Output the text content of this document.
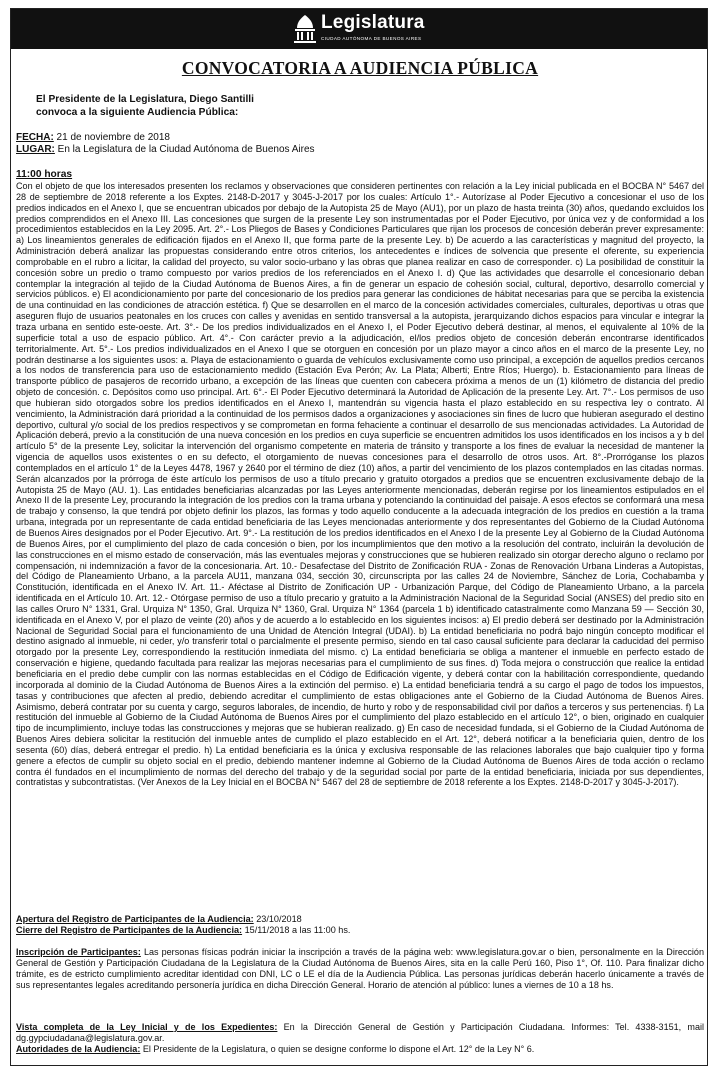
Legislatura
CIUDAD AUTÓNOMA DE BUENOS AIRES
CONVOCATORIA A AUDIENCIA PÚBLICA
El Presidente de la Legislatura, Diego Santilli
convoca a la siguiente Audiencia Pública:
FECHA: 21 de noviembre de 2018
LUGAR: En la Legislatura de la Ciudad Autónoma de Buenos Aires
11:00 horas

Con el objeto de que los interesados presenten los reclamos y observaciones que consideren pertinentes con relación a la Ley inicial publicada en el BOCBA N° 5467 del 28 de septiembre de 2018 referente a los Exptes. 2148-D-2017 y 3045-J-2017 por los cuales: Artículo 1°.- Autorízase al Poder Ejecutivo a concesionar el uso de los predios indicados en el Anexo I, que se encuentran ubicados por debajo de la Autopista 25 de Mayo (AU1), por un plazo de hasta treinta (30) años, quedando excluidos los predios comprendidos en el Anexo III. Las concesiones que surgen de la presente Ley son instrumentadas por el Poder Ejecutivo, por única vez y de conformidad a los procedimientos establecidos en la Ley 2095. Art. 2°.- Los Pliegos de Bases y Condiciones Particulares que rijan los procesos de concesión deberán prever expresamente: a) Los lineamientos generales de edificación fijados en el Anexo II, que forma parte de la presente Ley. b) De acuerdo a las características y magnitud del proyecto, la Administración deberá analizar las propuestas considerando entre otros criterios, los antecedentes e índices de solvencia que presente el oferente, su experiencia comprobable en el rubro a licitar, la calidad del proyecto, su valor socio-urbano y las obras que planea realizar en caso de corresponder. c) La posibilidad de constituir la concesión sobre un predio o tramo compuesto por varios predios de los referenciados en el Anexo I. d) Que las actividades que desarrolle el concesionario deban contemplar la integración al tejido de la Ciudad Autónoma de Buenos Aires, a fin de generar un espacio de cohesión social, cultural, deportivo, desarrollo comercial y servicios públicos. e) El acondicionamiento por parte del concesionario de los predios para generar las condiciones de hábitat necesarias para que se perciba la existencia de una continuidad en las condiciones de atracción estética. f) Que se desarrollen en el marco de la concesión actividades comerciales, culturales, deportivas u otras que aseguren flujo de usuarios peatonales en los cruces con calles y avenidas en sentido transversal a la autopista, jerarquizando dichos espacios para vincular e integrar la traza urbana en sentido este-oeste. Art. 3°.- De los predios individualizados en el Anexo I, el Poder Ejecutivo deberá destinar, al menos, el equivalente al 10% de la superficie total a uso de espacio público. Art. 4°.- Con carácter previo a la adjudicación, el/los predios objeto de concesión deberán encontrarse identificados territorialmente. Art. 5°.- Los predios individualizados en el Anexo I que se otorguen en concesión por un plazo mayor a cinco años en el marco de la presente Ley, no podrán destinarse a los siguientes usos: a. Playa de estacionamiento o guarda de vehículos exclusivamente como uso principal, a excepción de aquellos predios cercanos a los nodos de transferencia para uso de estacionamiento medido (Estación Eva Perón; Av. La Plata; Alberti; Entre Ríos; Huergo). b. Estacionamiento para líneas de transporte público de pasajeros de recorrido urbano, a excepción de las líneas que cuenten con cabecera próxima a menos de un (1) kilómetro de distancia del predio objeto de concesión. c. Depósitos como uso principal. Art. 6°.- El Poder Ejecutivo determinará la Autoridad de Aplicación de la presente Ley. Art. 7°.- Los permisos de uso que hubieran sido otorgados sobre los predios identificados en el Anexo I, mantendrán su vigencia hasta el plazo establecido en su respectiva ley o contrato. Al vencimiento, la Administración dará prioridad a la continuidad de los permisos dados a organizaciones y asociaciones sin fines de lucro que hubieran asegurado el destino deportivo, cultural y/o social de los predios respectivos y se comprometan en forma fehaciente a continuar el desarrollo de sus mencionadas actividades. La Autoridad de Aplicación deberá, previo a la constitución de una nueva concesión en los predios en cuya superficie se encuentren admitidos los usos identificados en los incisos a y b del artículo 5° de la presente Ley, solicitar la intervención del organismo competente en materia de tránsito y transporte a los fines de evaluar la necesidad de mantener la vigencia de aquellos usos existentes o en su defecto, el otorgamiento de nuevas concesiones para el desarrollo de otros usos. Art. 8°.-Prorróganse los plazos contemplados en el artículo 1° de la Leyes 4478, 1967 y 2640 por el término de diez (10) años, a partir del vencimiento de los plazos contemplados en las citadas normas. Serán alcanzados por la prórroga de éste artículo los permisos de uso a título precario y gratuito otorgados a predios que se encuentren exclusivamente debajo de la Autopista 25 de Mayo (AU. 1). Las entidades beneficiarias alcanzadas por las Leyes anteriormente mencionadas, deberán regirse por los lineamientos estipulados en el Anexo II de la presente Ley, procurando la integración de los predios con la trama urbana y potenciando la continuidad del paisaje. A esos efectos se conformará una mesa de trabajo y consenso, la que tendrá por objeto definir los plazos, las formas y todo aquello conducente a la adecuada integración de los predios en cuestión a la trama urbana, integrada por un representante de cada entidad beneficiaria de las Leyes mencionadas anteriormente y dos representantes del Gobierno de la Ciudad Autónoma de Buenos Aires designados por el Poder Ejecutivo. Art. 9°.- La restitución de los predios identificados en el Anexo I de la presente Ley al Gobierno de la Ciudad Autónoma de Buenos Aires, por el cumplimiento del plazo de cada concesión o bien, por los incumplimientos que den motivo a la resolución del contrato, incluirán la devolución de las construcciones en el mismo estado de conservación, más las eventuales mejoras y construcciones que se hubieren realizado sin otorgar derecho alguno o reclamo por compensación, ni indemnización a favor de la concesionaria. Art. 10.- Desafectase del Distrito de Zonificación RUA - Zonas de Renovación Urbana Linderas a Autopistas, del Código de Planeamiento Urbano, a la parcela AU11, manzana 034, sección 30, circunscripta por las calles 24 de Noviembre, Sánchez de Loria, Cochabamba y Constitución, identificada en el Anexo IV. Art. 11.- Aféctase al Distrito de Zonificación UP - Urbanización Parque, del Código de Planeamiento Urbano, a la parcela identificada en el Artículo 10. Art. 12.- Otórgase permiso de uso a título precario y gratuito a la Administración Nacional de la Seguridad Social (ANSES) del predio sito en las calles Oruro N° 1331, Gral. Urquiza N° 1350, Gral. Urquiza N° 1360, Gral. Urquiza N° 1364 (parcela 1 b) identificado catastralmente como Manzana 59 — Sección 30, identificada en el Anexo V, por el plazo de veinte (20) años y de acuerdo a lo establecido en los siguientes incisos: a) El predio deberá ser destinado por la Administración Nacional de Seguridad Social para el funcionamiento de una Unidad de Atención Integral (UDAI). b) La entidad beneficiaria no podrá bajo ningún concepto modificar el destino asignado al inmueble, ni ceder, y/o transferir total o parcialmente el presente permiso, siendo en tal caso causal suficiente para declarar la caducidad del permiso otorgado por la presente Ley, correspondiendo la restitución inmediata del mismo. c) La entidad beneficiaria se obliga a mantener el inmueble en perfecto estado de conservación e higiene, quedando facultada para realizar las mejoras necesarias para el cumplimiento de sus fines. d) Toda mejora o construcción que realice la entidad beneficiaria en el predio debe cumplir con las normas establecidas en el Código de Edificación vigente, y deberá contar con la habilitación correspondiente, quedando incorporada al dominio de la Ciudad Autónoma de Buenos Aires a la extinción del permiso. e) La entidad beneficiaria tendrá a su cargo el pago de todos los impuestos, tasas y contribuciones que afecten al predio, debiendo acreditar el cumplimiento de estas obligaciones ante el Gobierno de la Ciudad Autónoma de Buenos Aires. Asimismo, deberá contratar por su cuenta y cargo, seguros laborales, de incendio, de hurto y robo y de responsabilidad civil por daños a terceros y sus pertenencias. f) La restitución del inmueble al Gobierno de la Ciudad Autónoma de Buenos Aires por el cumplimiento del plazo establecido en el artículo 12°, o bien, originado en cualquier tipo de incumplimiento, incluye todas las construcciones y mejoras que se hubieran realizado. g) En caso de necesidad fundada, si el Gobierno de la Ciudad Autónoma de Buenos Aires debiera solicitar la restitución del inmueble antes de cumplido el plazo establecido en el Art. 12°, deberá notificar a la beneficiaria quien, dentro de los sesenta (60) días, deberá entregar el predio. h) La entidad beneficiaria es la única y exclusiva responsable de las relaciones laborales que bajo cualquier tipo y forma genere a efectos de cumplir su objeto social en el predio, debiendo mantener indemne al Gobierno de la Ciudad Autónoma de Buenos Aires de toda acción o reclamo contra él fundados en el incumplimiento de normas del derecho del trabajo y de la seguridad social por parte de la entidad beneficiaria, iniciada por sus dependientes, contratistas y subcontratistas. (Ver Anexos de la Ley Inicial en el BOCBA N° 5467 del 28 de septiembre de 2018 referente a los Exptes. 2148-D-2017 y 3045-J-2017).

Apertura del Registro de Participantes de la Audiencia: 23/10/2018
Cierre del Registro de Participantes de la Audiencia: 15/11/2018 a las 11:00 hs.

Inscripción de Participantes: Las personas físicas podrán iniciar la inscripción a través de la página web: www.legislatura.gov.ar o bien, personalmente en la Dirección General de Gestión y Participación Ciudadana de la Legislatura de la Ciudad Autónoma de Buenos Aires, sita en la calle Perú 160, Piso 1°, Of. 110. Para finalizar dicho trámite, es de estricto cumplimiento acreditar identidad con DNI, LC o LE el día de la Audiencia Pública. Las personas jurídicas deberán hacerlo únicamente a través de sus representantes legales acreditando personería jurídica en dicha Dirección General. Horario de atención al público: lunes a viernes de 10 a 18 hs.

Vista completa de la Ley Inicial y de los Expedientes: En la Dirección General de Gestión y Participación Ciudadana. Informes: Tel. 4338-3151, mail dg.gypciudadana@legislatura.gov.ar.
Autoridades de la Audiencia: El Presidente de la Legislatura, o quien se designe conforme lo dispone el Art. 12° de la Ley N° 6.
